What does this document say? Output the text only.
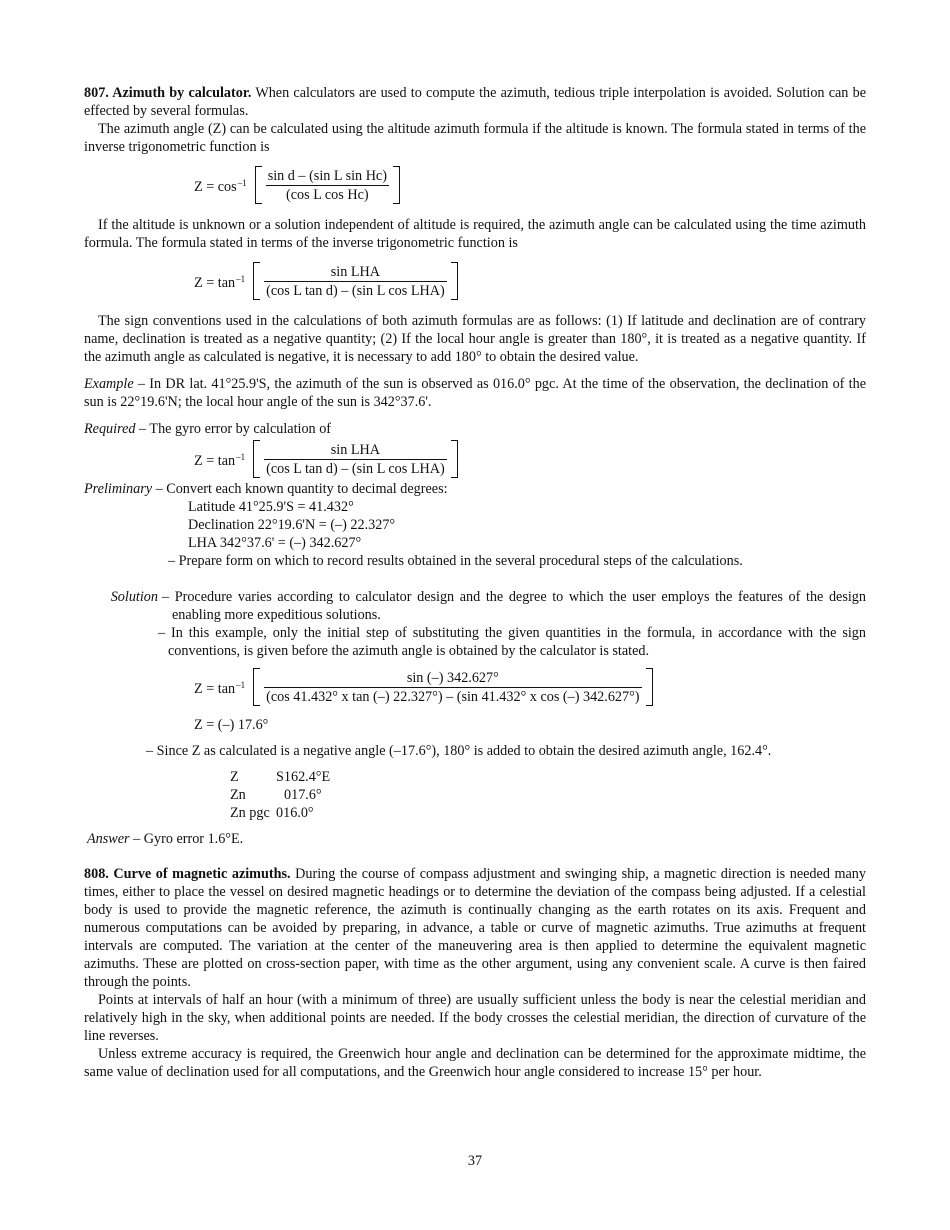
807. Azimuth by calculator. When calculators are used to compute the azimuth, tedious triple interpolation is avoided. Solution can be effected by several formulas.

The azimuth angle (Z) can be calculated using the altitude azimuth formula if the altitude is known. The formula stated in terms of the inverse trigonometric function is

$Z = \cos^{-1} \frac{\text{sin d – (sin L sin Hc)}}{\text{(cos L cos Hc)}}$

If the altitude is unknown or a solution independent of altitude is required, the azimuth angle can be calculated using the time azimuth formula. The formula stated in terms of the inverse trigonometric function is

$Z = \tan^{-1} \frac{\text{sin LHA}}{\text{(cos L tan d) – (sin L cos LHA)}}$

The sign conventions used in the calculations of both azimuth formulas are as follows: (1) If latitude and declination are of contrary name, declination is treated as a negative quantity; (2) If the local hour angle is greater than 180°, it is treated as a negative quantity. If the azimuth angle as calculated is negative, it is necessary to add 180° to obtain the desired value.

Example – In DR lat. 41°25.9'S, the azimuth of the sun is observed as 016.0° pgc. At the time of the observation, the declination of the sun is 22°19.6'N; the local hour angle of the sun is 342°37.6'.

Required – The gyro error by calculation of

$Z = \tan^{-1} \frac{\text{sin LHA}}{\text{(cos L tan d) – (sin L cos LHA)}}$

Preliminary – Convert each known quantity to decimal degrees:

Latitude 41°25.9'S = 41.432°
Declination 22°19.6'N = (–) 22.327°
LHA 342°37.6' = (–) 342.627°
– Prepare form on which to record results obtained in the several procedural steps of the calculations.
Solution – Procedure varies according to calculator design and the degree to which the user employs the features of the design enabling more expeditious solutions.
– In this example, only the initial step of substituting the given quantities in the formula, in accordance with the sign conventions, is given before the azimuth angle is obtained by the calculator is stated.
$Z = \tan^{-1}$	sin (–) 342.627°
(cos 41.432° x tan (–) 22.327°) – (sin 41.432° x cos (–) 342.627°)
Z = (–) 17.6°
– Since Z as calculated is a negative angle (–17.6°), 180° is added to obtain the desired azimuth angle, 162.4°.
Z	S162.4°E
Zn	017.6°
Zn pgc 016.0°

Answer – Gyro error 1.6°E.

808. Curve of magnetic azimuths. During the course of compass adjustment and swinging ship, a magnetic direction is needed many times, either to place the vessel on desired magnetic headings or to determine the deviation of the compass being adjusted. If a celestial body is used to provide the magnetic reference, the azimuth is continually changing as the earth rotates on its axis. Frequent and numerous computations can be avoided by preparing, in advance, a table or curve of magnetic azimuths. True azimuths at frequent intervals are computed. The variation at the center of the maneuvering area is then applied to determine the equivalent magnetic azimuths. These are plotted on cross-section paper, with time as the other argument, using any convenient scale. A curve is then faired through the points.

Points at intervals of half an hour (with a minimum of three) are usually sufficient unless the body is near the celestial meridian and relatively high in the sky, when additional points are needed. If the body crosses the celestial meridian, the direction of curvature of the line reverses.

Unless extreme accuracy is required, the Greenwich hour angle and declination can be determined for the approximate midtime, the same value of declination used for all computations, and the Greenwich hour angle considered to increase 15° per hour.

37
